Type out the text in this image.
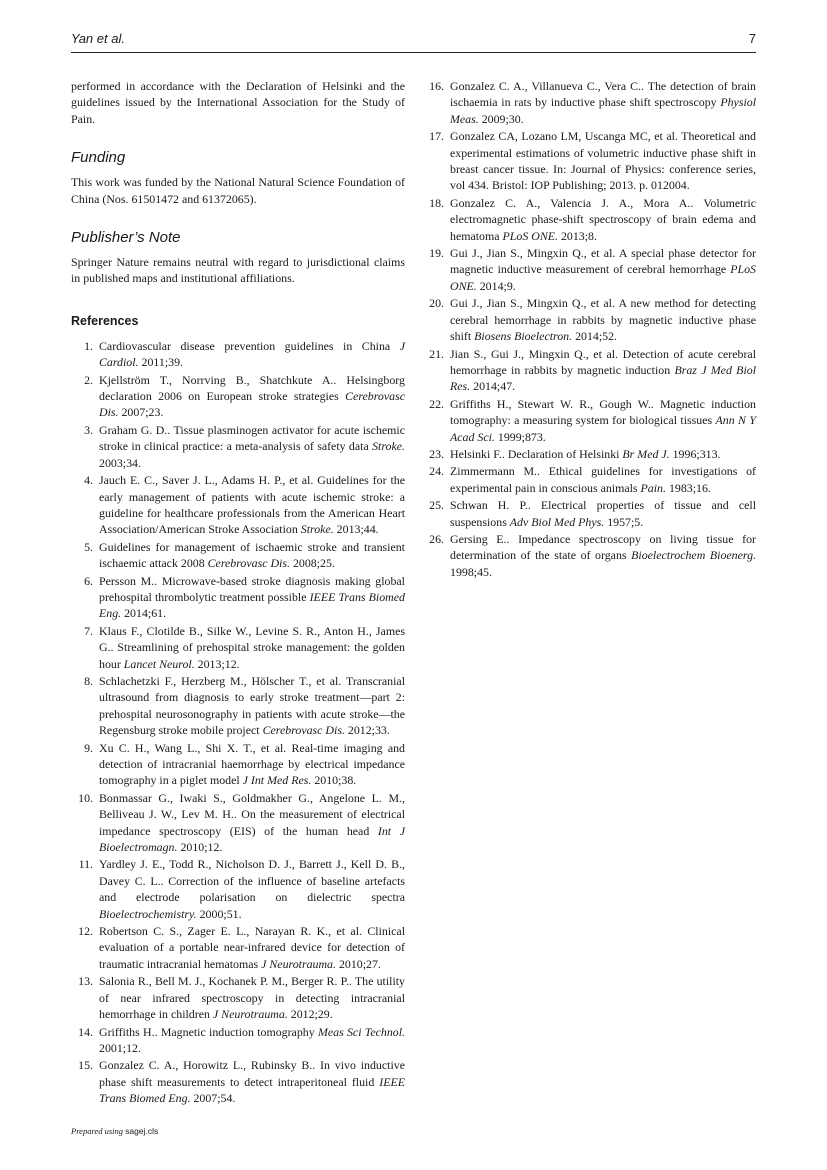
Yan et al.	7

performed in accordance with the Declaration of Helsinki and the guidelines issued by the International Association for the Study of Pain.

Funding

This work was funded by the National Natural Science Foundation of China (Nos. 61501472 and 61372065).

Publisher’s Note

Springer Nature remains neutral with regard to jurisdictional claims in published maps and institutional affiliations.

References
1. Cardiovascular disease prevention guidelines in China J Cardiol. 2011;39.
2. Kjellström T., Norrving B., Shatchkute A.. Helsingborg declaration 2006 on European stroke strategies Cerebrovasc Dis. 2007;23.
3. Graham G. D.. Tissue plasminogen activator for acute ischemic stroke in clinical practice: a meta-analysis of safety data Stroke. 2003;34.
4. Jauch E. C., Saver J. L., Adams H. P., et al. Guidelines for the early management of patients with acute ischemic stroke: a guideline for healthcare professionals from the American Heart Association/American Stroke Association Stroke. 2013;44.
5. Guidelines for management of ischaemic stroke and transient ischaemic attack 2008 Cerebrovasc Dis. 2008;25.
6. Persson M.. Microwave-based stroke diagnosis making global prehospital thrombolytic treatment possible IEEE Trans Biomed Eng. 2014;61.
7. Klaus F., Clotilde B., Silke W., Levine S. R., Anton H., James G.. Streamlining of prehospital stroke management: the golden hour Lancet Neurol. 2013;12.
8. Schlachetzki F., Herzberg M., Hölscher T., et al. Transcranial ultrasound from diagnosis to early stroke treatment—part 2: prehospital neurosonography in patients with acute stroke—the Regensburg stroke mobile project Cerebrovasc Dis. 2012;33.
9. Xu C. H., Wang L., Shi X. T., et al. Real-time imaging and detection of intracranial haemorrhage by electrical impedance tomography in a piglet model J Int Med Res. 2010;38.
10. Bonmassar G., Iwaki S., Goldmakher G., Angelone L. M., Belliveau J. W., Lev M. H.. On the measurement of electrical impedance spectroscopy (EIS) of the human head Int J Bioelectromagn. 2010;12.
11. Yardley J. E., Todd R., Nicholson D. J., Barrett J., Kell D. B., Davey C. L.. Correction of the influence of baseline artefacts and electrode polarisation on dielectric spectra Bioelectrochemistry. 2000;51.
12. Robertson C. S., Zager E. L., Narayan R. K., et al. Clinical evaluation of a portable near-infrared device for detection of traumatic intracranial hematomas J Neurotrauma. 2010;27.
13. Salonia R., Bell M. J., Kochanek P. M., Berger R. P.. The utility of near infrared spectroscopy in detecting intracranial hemorrhage in children J Neurotrauma. 2012;29.
14. Griffiths H.. Magnetic induction tomography Meas Sci Technol. 2001;12.
15. Gonzalez C. A., Horowitz L., Rubinsky B.. In vivo inductive phase shift measurements to detect intraperitoneal fluid IEEE Trans Biomed Eng. 2007;54.
16. Gonzalez C. A., Villanueva C., Vera C.. The detection of brain ischaemia in rats by inductive phase shift spectroscopy Physiol Meas. 2009;30.
17. Gonzalez CA, Lozano LM, Uscanga MC, et al. Theoretical and experimental estimations of volumetric inductive phase shift in breast cancer tissue. In: Journal of Physics: conference series, vol 434. Bristol: IOP Publishing; 2013. p. 012004.
18. Gonzalez C. A., Valencia J. A., Mora A.. Volumetric electromagnetic phase-shift spectroscopy of brain edema and hematoma PLoS ONE. 2013;8.
19. Gui J., Jian S., Mingxin Q., et al. A special phase detector for magnetic inductive measurement of cerebral hemorrhage PLoS ONE. 2014;9.
20. Gui J., Jian S., Mingxin Q., et al. A new method for detecting cerebral hemorrhage in rabbits by magnetic inductive phase shift Biosens Bioelectron. 2014;52.
21. Jian S., Gui J., Mingxin Q., et al. Detection of acute cerebral hemorrhage in rabbits by magnetic induction Braz J Med Biol Res. 2014;47.
22. Griffiths H., Stewart W. R., Gough W.. Magnetic induction tomography: a measuring system for biological tissues Ann N Y Acad Sci. 1999;873.
23. Helsinki F.. Declaration of Helsinki Br Med J. 1996;313.
24. Zimmermann M.. Ethical guidelines for investigations of experimental pain in conscious animals Pain. 1983;16.
25. Schwan H. P.. Electrical properties of tissue and cell suspensions Adv Biol Med Phys. 1957;5.
26. Gersing E.. Impedance spectroscopy on living tissue for determination of the state of organs Bioelectrochem Bioenerg. 1998;45.
Prepared using sagej.cls
